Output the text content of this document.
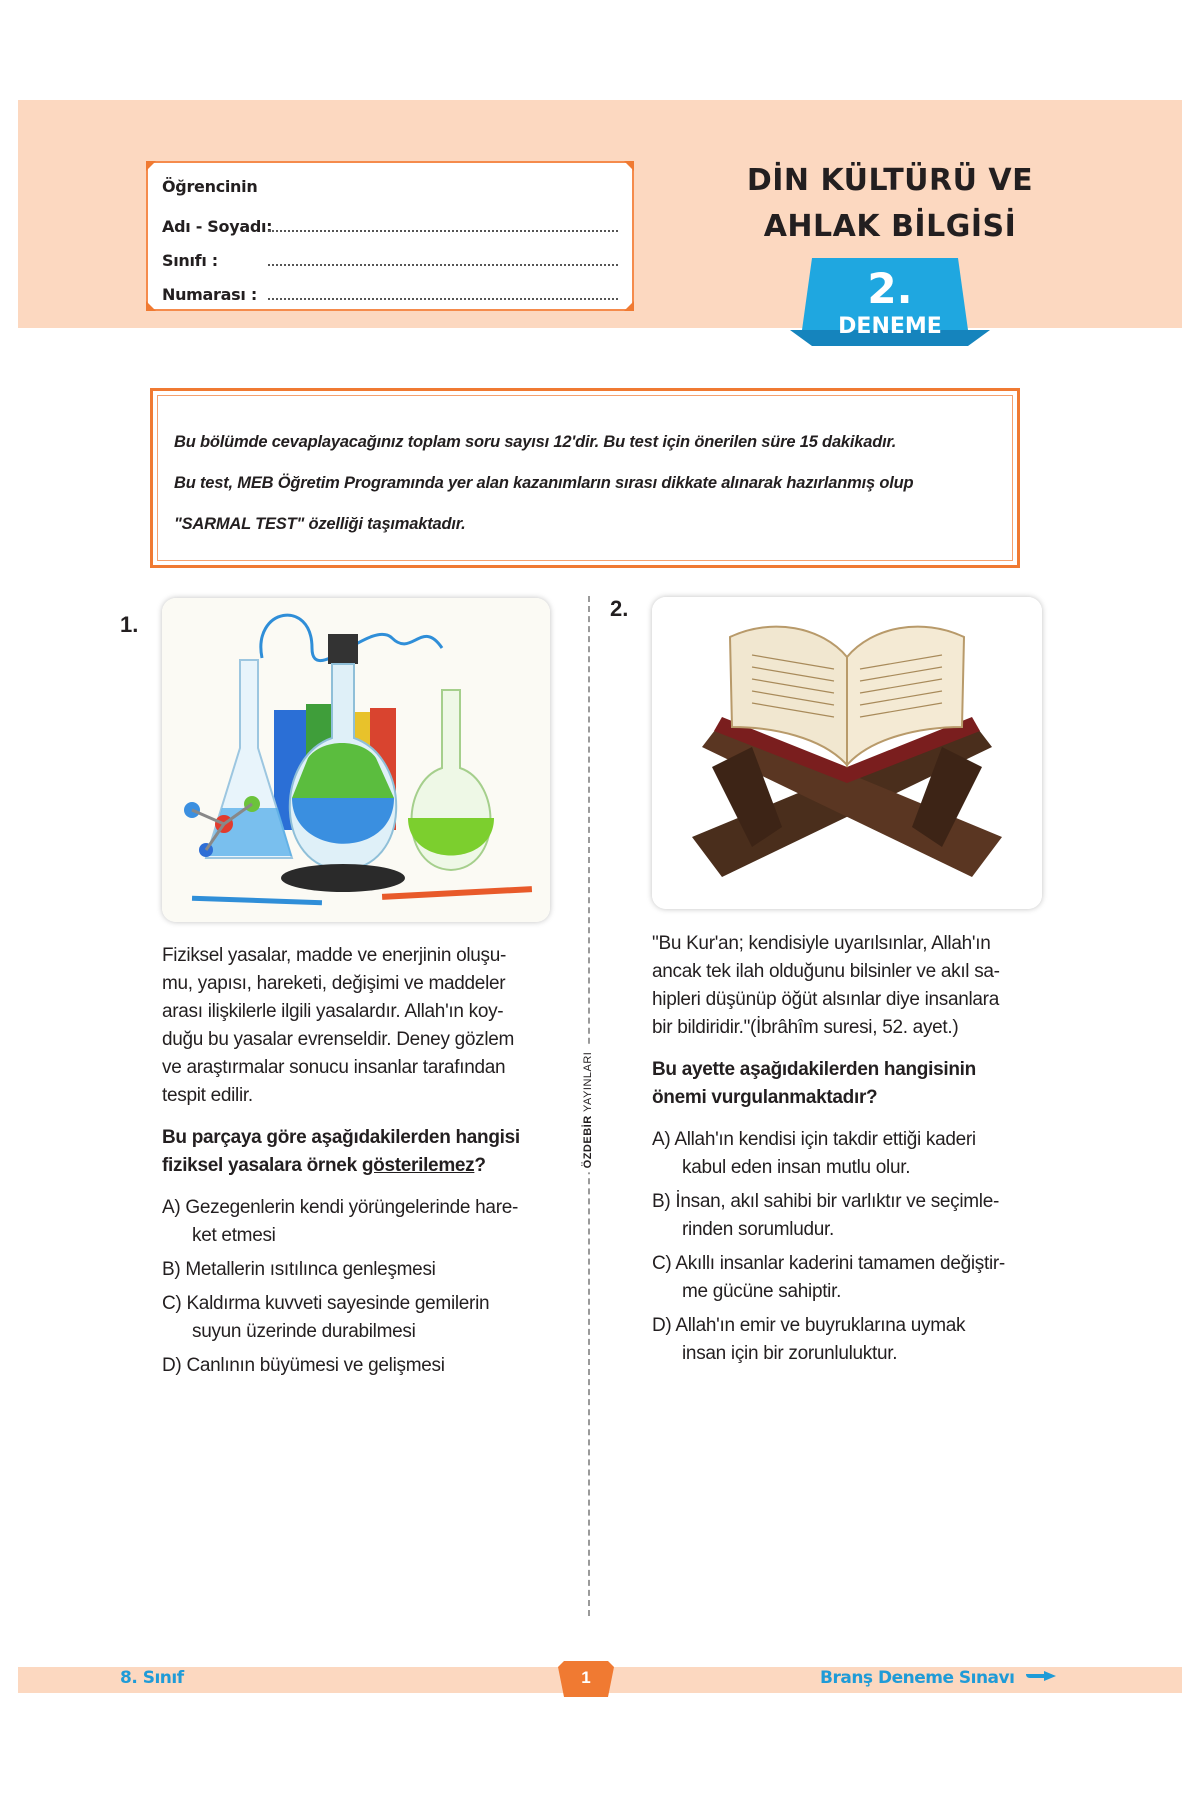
Öğrencinin
Adı - Soyadı:
Sınıfı :
Numarası :
DİN KÜLTÜRÜ VE
AHLAK BİLGİSİ
2.
DENEME
Bu bölümde cevaplayacağınız toplam soru sayısı 12'dir. Bu test için önerilen süre 15 dakikadır.
Bu test, MEB Öğretim Programında yer alan kazanımların sırası dikkate alınarak hazırlanmış olup
"SARMAL TEST" özelliği taşımaktadır.
ÖZDEBİR YAYINLARI
1.

Fiziksel yasalar, madde ve enerjinin oluşu-

mu, yapısı, hareketi, değişimi ve maddeler

arası ilişkilerle ilgili yasalardır. Allah'ın koy-

duğu bu yasalar evrenseldir. Deney gözlem

ve araştırmalar sonucu insanlar tarafından

tespit edilir.

Bu parçaya göre aşağıdakilerden hangisi

fiziksel yasalara örnek gösterilemez?

A) Gezegenlerin kendi yörüngelerinde hare-

ket etmesi

B) Metallerin ısıtılınca genleşmesi

C) Kaldırma kuvveti sayesinde gemilerin

suyun üzerinde durabilmesi

D) Canlının büyümesi ve gelişmesi

2.

"Bu Kur'an; kendisiyle uyarılsınlar, Allah'ın

ancak tek ilah olduğunu bilsinler ve akıl sa-

hipleri düşünüp öğüt alsınlar diye insanlara

bir bildiridir."(İbrâhîm suresi, 52. ayet.)

Bu ayette aşağıdakilerden hangisinin

önemi vurgulanmaktadır?

A) Allah'ın kendisi için takdir ettiği kaderi

kabul eden insan mutlu olur.

B) İnsan, akıl sahibi bir varlıktır ve seçimle-

rinden sorumludur.

C) Akıllı insanlar kaderini tamamen değiştir-

me gücüne sahiptir.

D) Allah'ın emir ve buyruklarına uymak

insan için bir zorunluluktur.

8. Sınıf	1	Branş Deneme Sınavı
